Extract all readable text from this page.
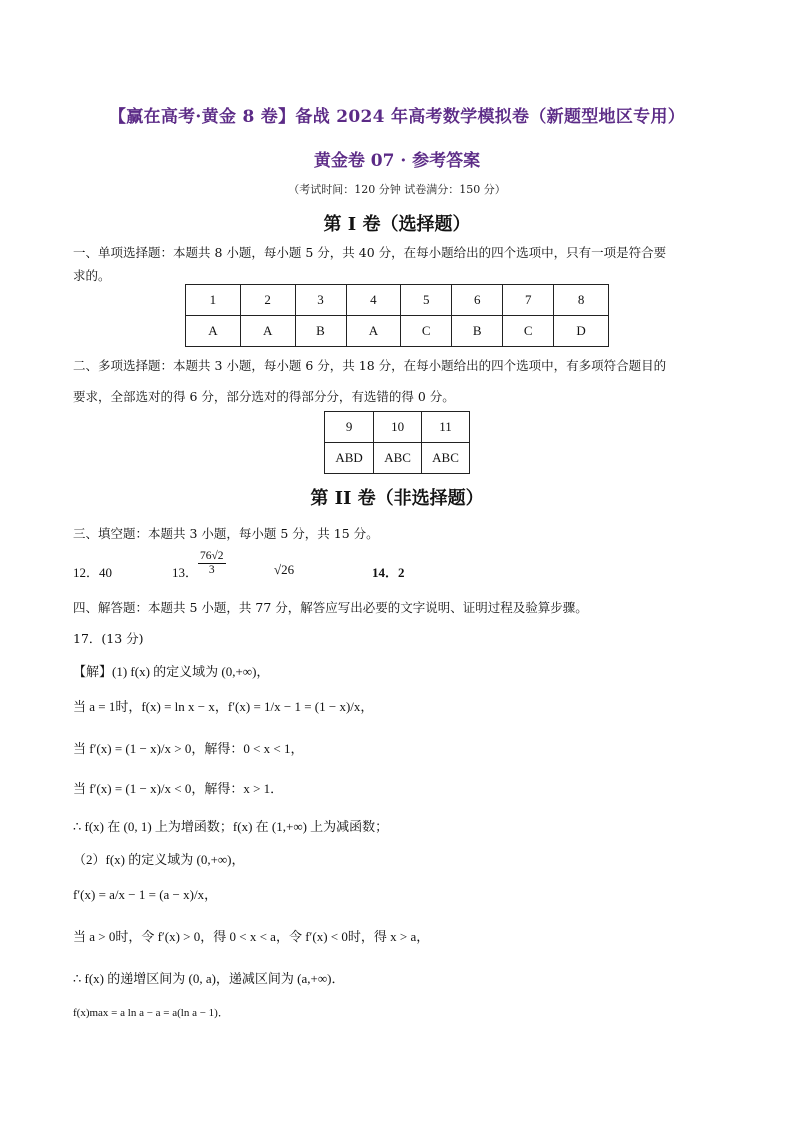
【赢在高考·黄金 8 卷】备战 2024 年高考数学模拟卷（新题型地区专用）
黄金卷 07 · 参考答案
（考试时间：120 分钟 试卷满分：150 分）
第 I 卷（选择题）
一、单项选择题：本题共 8 小题，每小题 5 分，共 40 分，在每小题给出的四个选项中，只有一项是符合要
求的。
1	2	3	4	5	6	7	8
A	A	B	A	C	B	C	D
二、多项选择题：本题共 3 小题，每小题 6 分，共 18 分，在每小题给出的四个选项中，有多项符合题目的
要求，全部选对的得 6 分，部分选对的得部分分，有选错的得 0 分。
9	10	11
ABD	ABC	ABC
第 II 卷（非选择题）
三、填空题：本题共 3 小题，每小题 5 分，共 15 分。
12．40	13． $\frac{76√2}{3}$	√26	14．2
四、解答题：本题共 5 小题，共 77 分，解答应写出必要的文字说明、证明过程及验算步骤。
17．(13 分)
【解】(1) f(x) 的定义域为 (0,+∞)，
当 a = 1时，f(x) = ln x − x，f′(x) = 1/x − 1 = (1 − x)/x，
当 f′(x) = (1 − x)/x > 0，解得：0 < x < 1，
当 f′(x) = (1 − x)/x < 0，解得：x > 1．
∴ f(x) 在 (0, 1) 上为增函数；f(x) 在 (1,+∞) 上为减函数；
（2）f(x) 的定义域为 (0,+∞)，
f′(x) = a/x − 1 = (a − x)/x，
当 a > 0时，令 f′(x) > 0，得 0 < x < a，令 f′(x) < 0时，得 x > a，
∴ f(x) 的递增区间为 (0, a)，递减区间为 (a,+∞)．
f(x)max = a ln a − a = a(ln a − 1)．
